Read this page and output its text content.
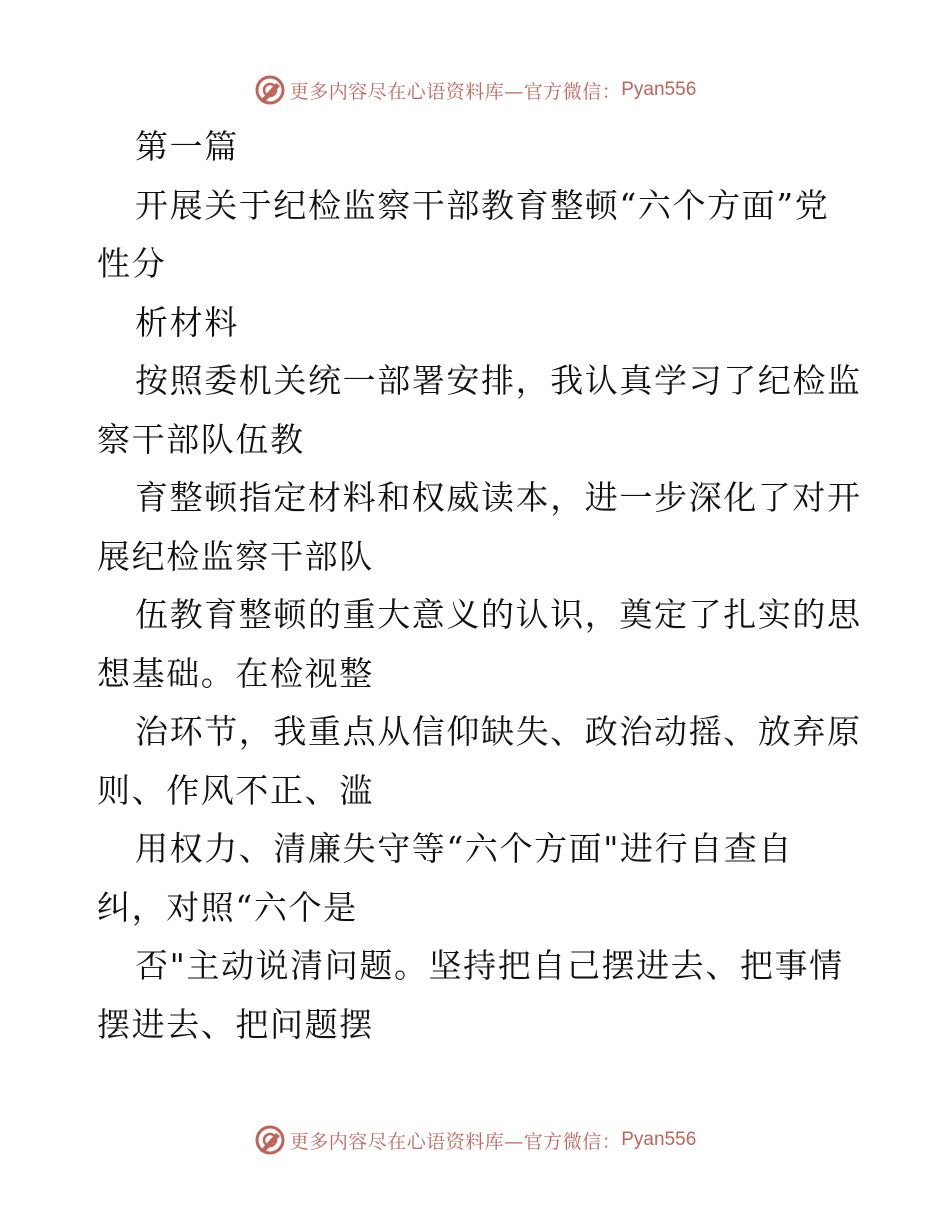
更多内容尽在心语资料库—官方微信： Pyan556
第一篇
开展关于纪检监察干部教育整顿“六个方面”党
性分
析材料
按照委机关统一部署安排，我认真学习了纪检监
察干部队伍教
育整顿指定材料和权威读本，进一步深化了对开
展纪检监察干部队
伍教育整顿的重大意义的认识，奠定了扎实的思
想基础。在检视整
治环节，我重点从信仰缺失、政治动摇、放弃原
则、作风不正、滥
用权力、清廉失守等“六个方面"进行自查自
纠，对照“六个是
否"主动说清问题。坚持把自己摆进去、把事情
摆进去、把问题摆
更多内容尽在心语资料库—官方微信： Pyan556
